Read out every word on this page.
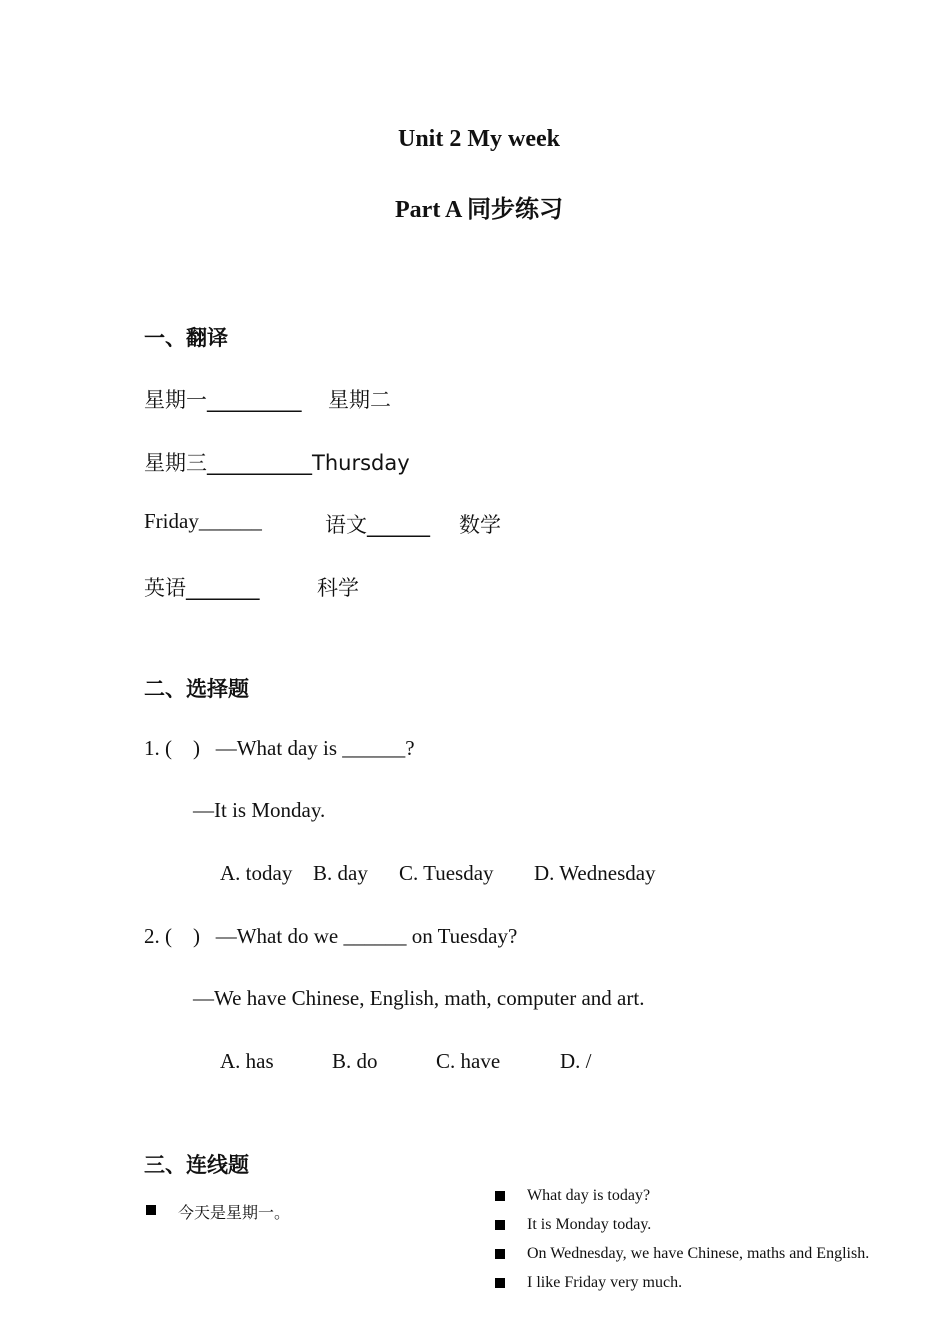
Unit 2 My week
Part A 同步练习
一、翻译
星期一_________ 星期二
星期三__________Thursday
Friday______	语文______ 数学
英语_______	科学
二、选择题
1. (    )   —What day is ______?
—It is Monday.
A. today B. day C. Tuesday D. Wednesday
2. (    )   —What do we ______ on Tuesday?
—We have Chinese, English, math, computer and art.
A. has	B. do	C. have	D. /
三、连线题
今天是星期一。
What day is today?
It is Monday today.
On Wednesday, we have Chinese, maths and English.
I like Friday very much.
